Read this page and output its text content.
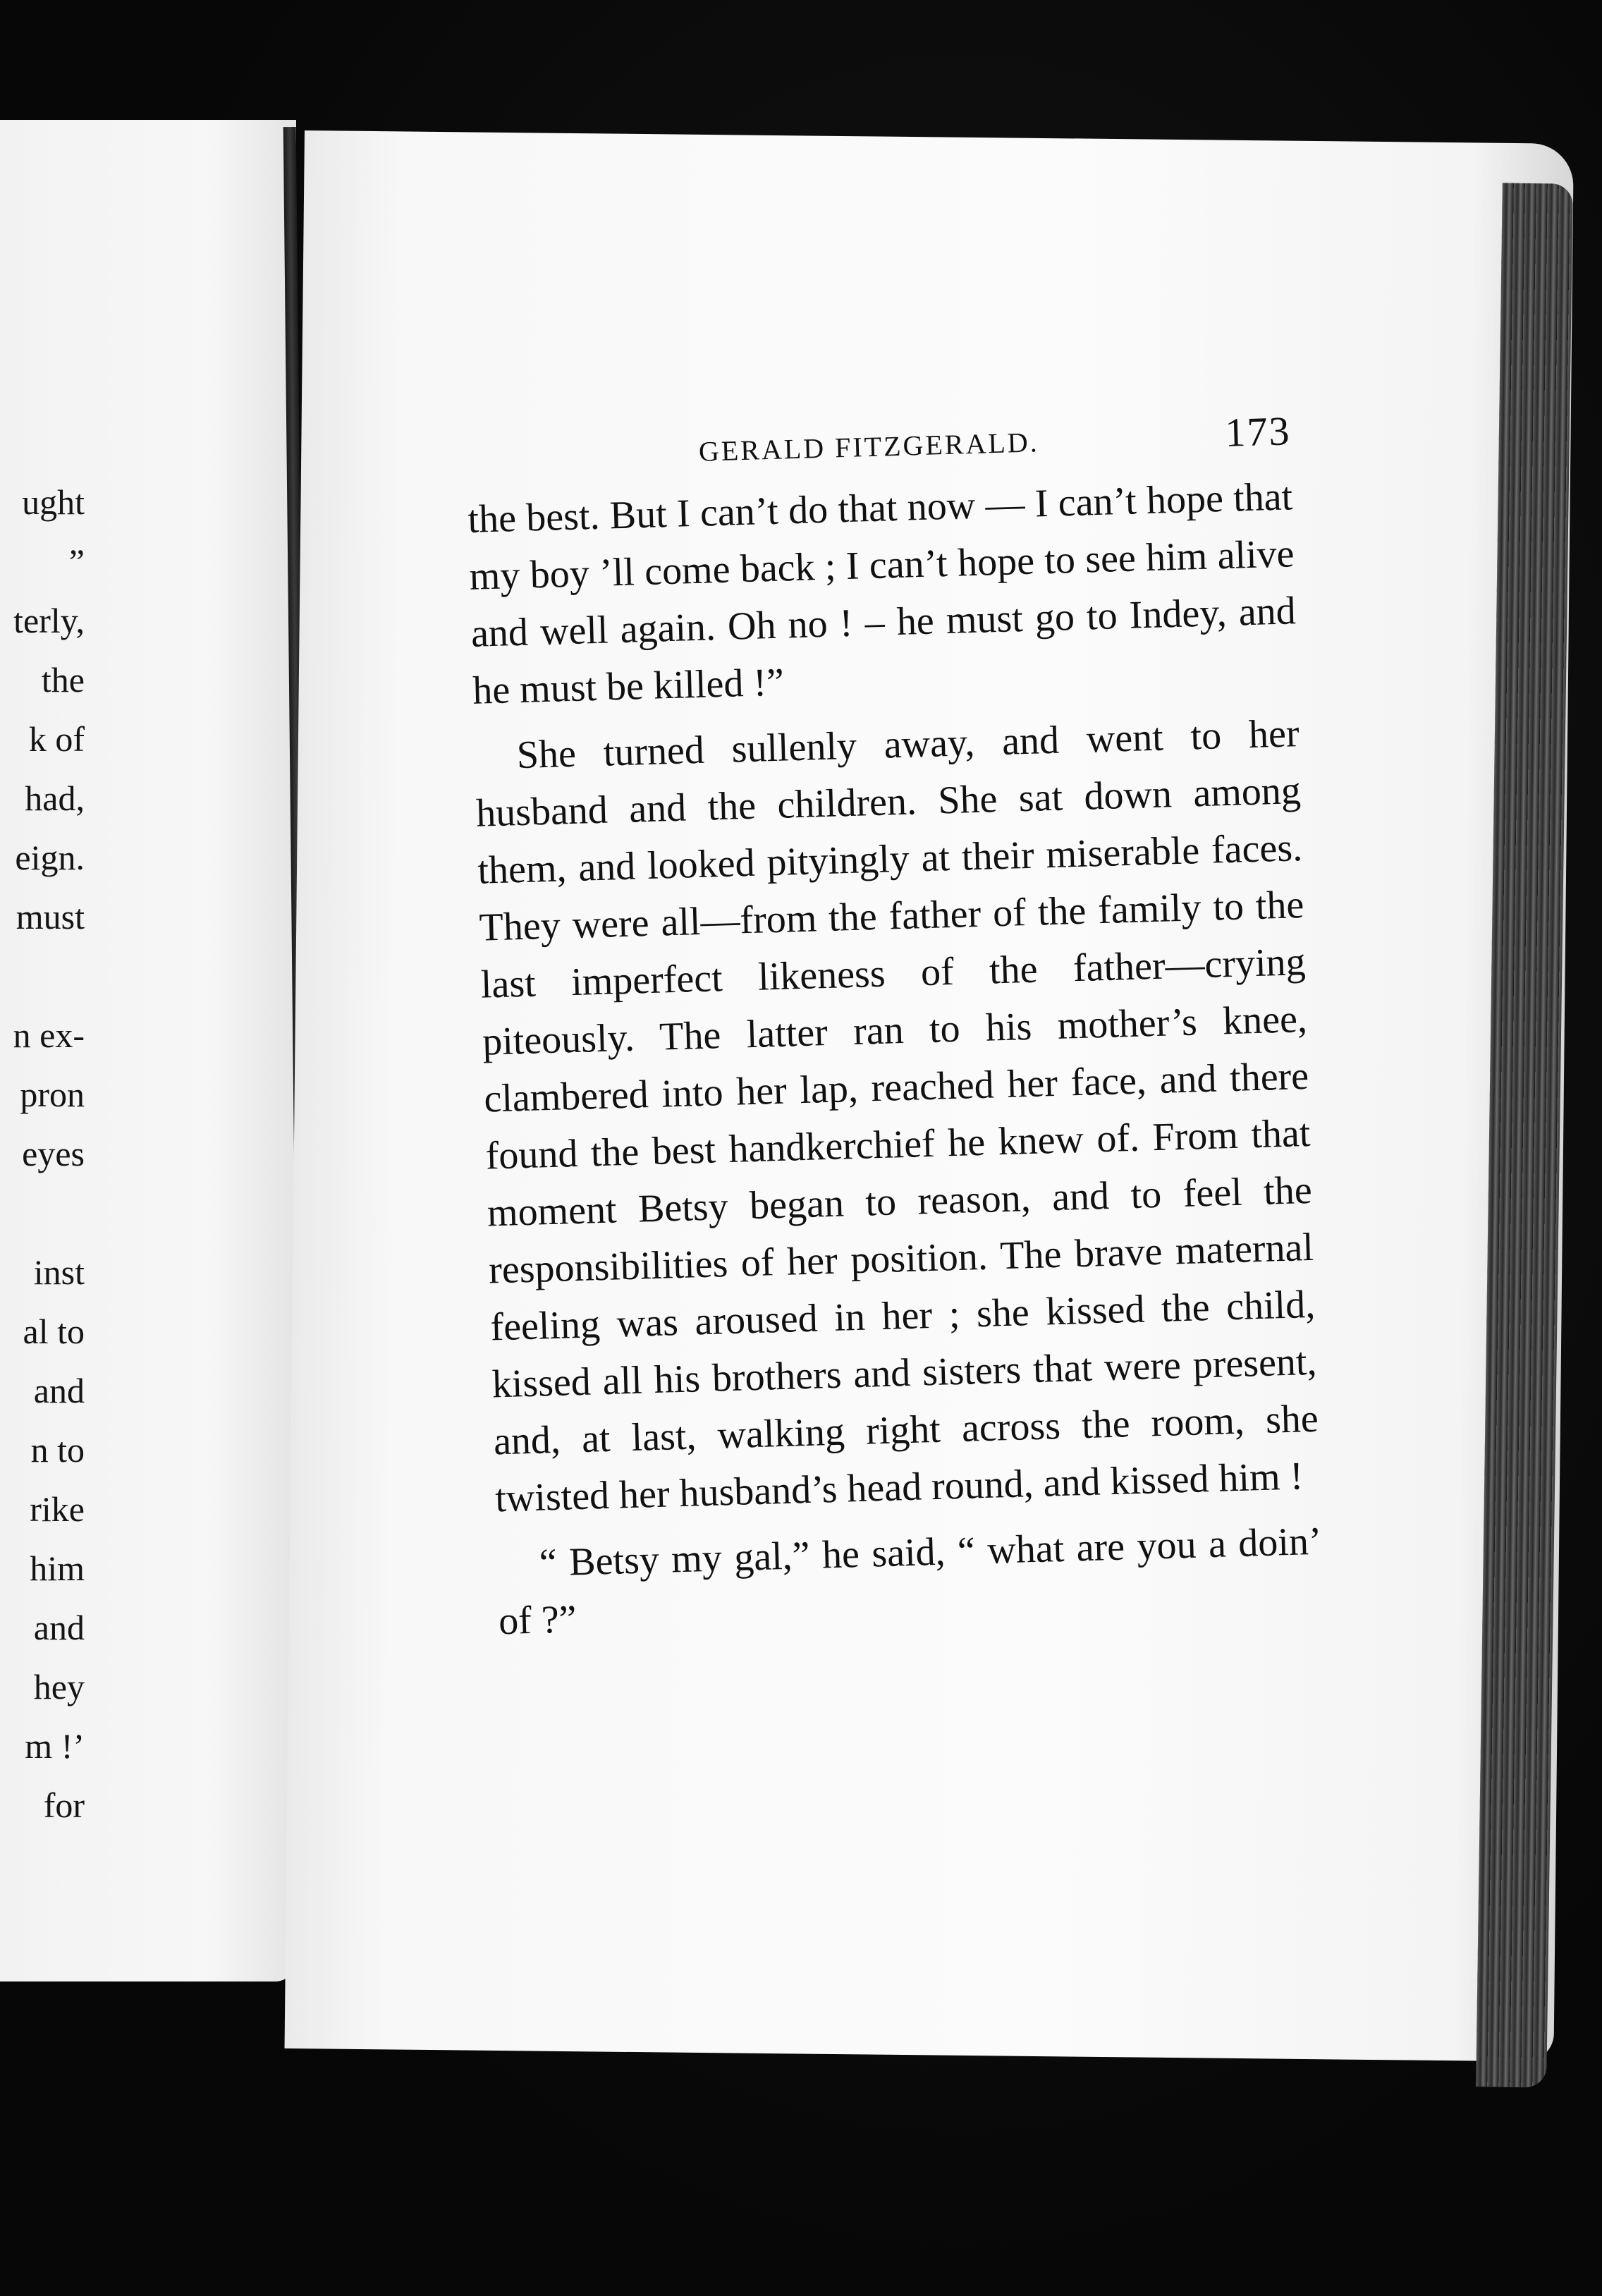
ught
”
terly,
the
k of
had,
eign.
must

n ex-
pron
eyes

inst
al to
and
n to
rike
him
and
hey
m !’
for
GERALD FITZGERALD.	173

the best. But I can’t do that now — I can’t hope that my boy ’ll come back ; I can’t hope to see him alive and well again. Oh no ! – he must go to Indey, and he must be killed !”

She turned sullenly away, and went to her husband and the children. She sat down among them, and looked pityingly at their miserable faces. They were all—from the father of the family to the last imperfect likeness of the father—crying piteously. The latter ran to his mother’s knee, clambered into her lap, reached her face, and there found the best handkerchief he knew of. From that moment Betsy began to reason, and to feel the responsibilities of her position. The brave maternal feeling was aroused in her ; she kissed the child, kissed all his brothers and sisters that were present, and, at last, walking right across the room, she twisted her husband’s head round, and kissed him !

“ Betsy my gal,” he said, “ what are you a doin’ of ?”
